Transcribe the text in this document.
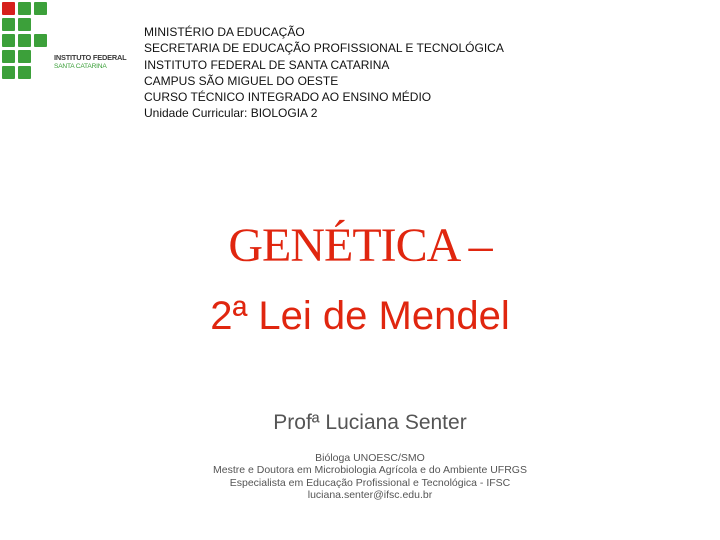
INSTITUTO FEDERAL
SANTA CATARINA
MINISTÉRIO DA EDUCAÇÃO
SECRETARIA DE EDUCAÇÃO PROFISSIONAL E TECNOLÓGICA
INSTITUTO FEDERAL DE SANTA CATARINA
CAMPUS SÃO MIGUEL DO OESTE
CURSO TÉCNICO INTEGRADO AO ENSINO MÉDIO
Unidade Curricular: BIOLOGIA 2
GENÉTICA –
2ª Lei de Mendel
Profª Luciana Senter
Bióloga UNOESC/SMO
Mestre e Doutora em Microbiologia Agrícola e do Ambiente UFRGS
Especialista em Educação Profissional e Tecnológica - IFSC
luciana.senter@ifsc.edu.br
